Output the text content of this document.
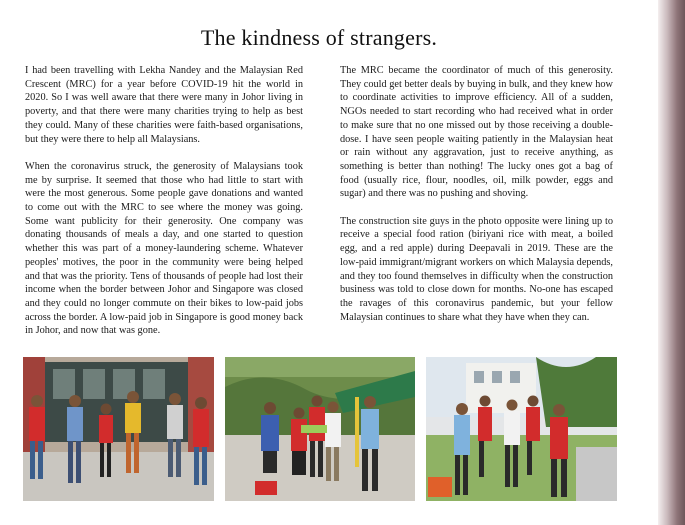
The kindness of strangers.

I had been travelling with Lekha Nandey and the Malaysian Red Crescent (MRC) for a year before COVID-19 hit the world in 2020. So I was well aware that there were many in Johor living in poverty, and that there were many charities trying to help as best they could. Many of these charities were faith-based organisations, but they were there to help all Malaysians.

When the coronavirus struck, the generosity of Malaysians took me by surprise. It seemed that those who had little to start with were the most generous. Some people gave donations and wanted to come out with the MRC to see where the money was going. Some want publicity for their generosity. One company was donating thousands of meals a day, and one started to question whether this was part of a money-laundering scheme. Whatever peoples' motives, the poor in the community were being helped and that was the priority. Tens of thousands of people had lost their income when the border between Johor and Singapore was closed and they could no longer commute on their bikes to low-paid jobs across the border. A low-paid job in Singapore is good money back in Johor, and now that was gone.

The MRC became the coordinator of much of this generosity. They could get better deals by buying in bulk, and they knew how to coordinate activities to improve efficiency. All of a sudden, NGOs needed to start recording who had received what in order to make sure that no one missed out by those receiving a double-dose. I have seen people waiting patiently in the Malaysian heat or rain without any aggravation, just to receive anything, as something is better than nothing! The lucky ones got a bag of food (usually rice, flour, noodles, oil, milk powder, eggs and sugar) and there was no pushing and shoving.

The construction site guys in the photo opposite were lining up to receive a special food ration (biriyani rice with meat, a boiled egg, and a red apple) during Deepavali in 2019. These are the low-paid immigrant/migrant workers on which Malaysia depends, and they too found themselves in difficulty when the construction business was told to close down for months. No-one has escaped the ravages of this coronavirus pandemic, but your fellow Malaysian continues to share what they have when they can.
